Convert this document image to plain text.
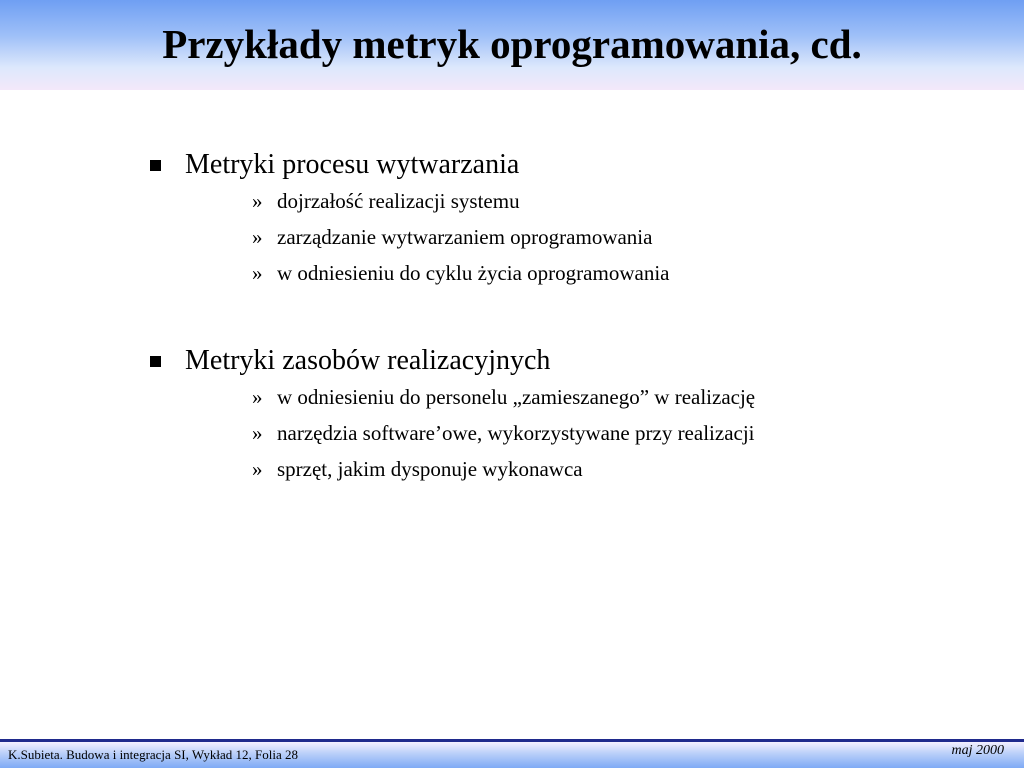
Przykłady metryk oprogramowania, cd.
Metryki procesu wytwarzania
» dojrzałość realizacji systemu
» zarządzanie wytwarzaniem oprogramowania
» w odniesieniu do cyklu życia oprogramowania
Metryki zasobów realizacyjnych
» w odniesieniu do personelu „zamieszanego” w realizację
» narzędzia software’owe, wykorzystywane przy realizacji
» sprzęt, jakim dysponuje wykonawca
K.Subieta. Budowa i integracja SI, Wykład 12, Folia 28	maj 2000
